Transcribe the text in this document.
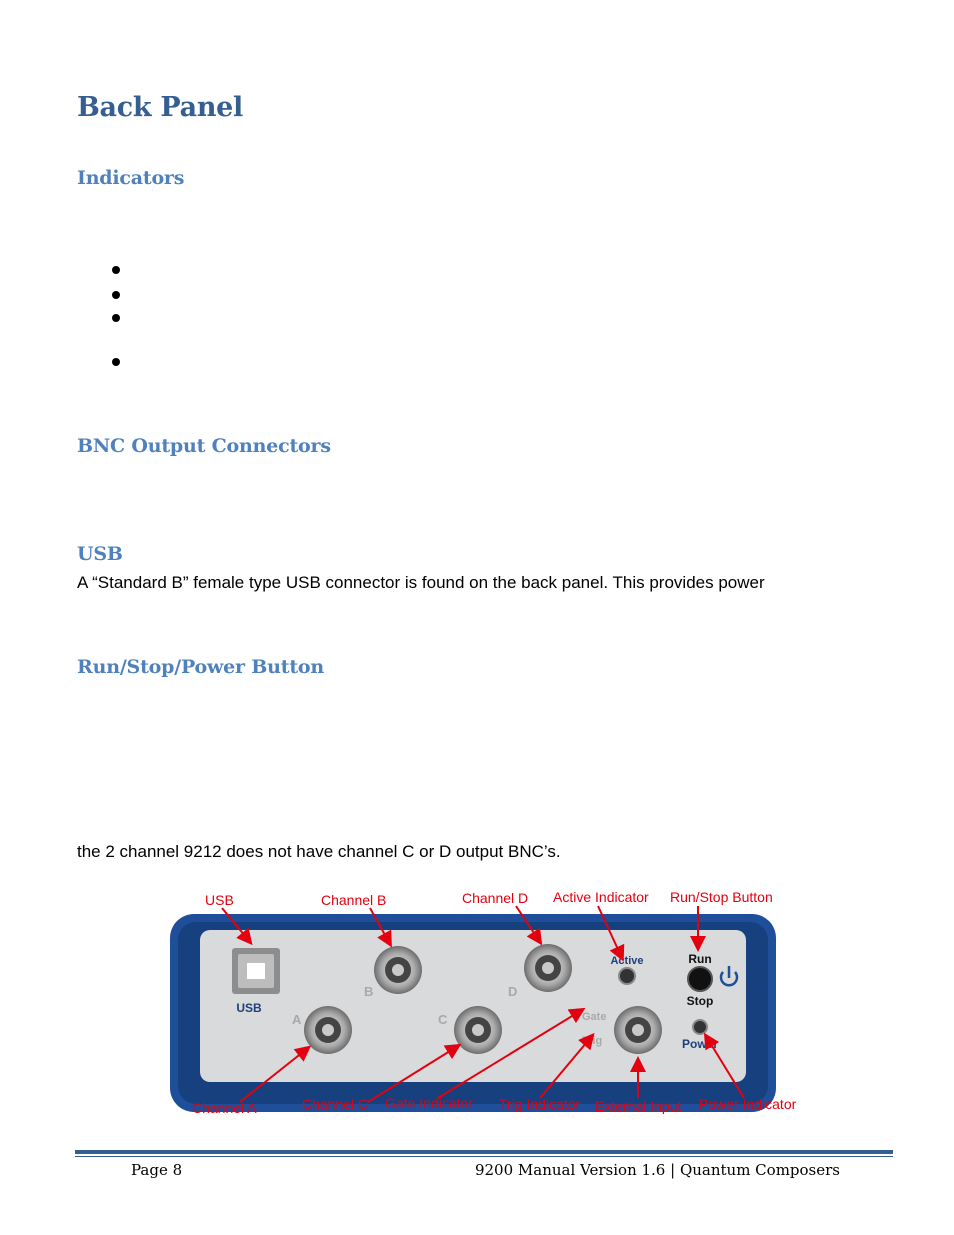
Back Panel
Indicators
BNC Output Connectors
USB

A “Standard B” female type USB connector is found on the back panel. This provides power

Run/Stop/Power Button

the 2 channel 9212 does not have channel C or D output BNC’s.

USB
B	D
A	C	Gate
Trig
Active	Run
Stop
Power
USB	Channel B	Channel D Active Indicator Run/Stop Button
Channel A	Channel C Gate Indicator Trig Indicator External Input Power Indicator
Page 8	9200 Manual Version 1.6 | Quantum Composers
